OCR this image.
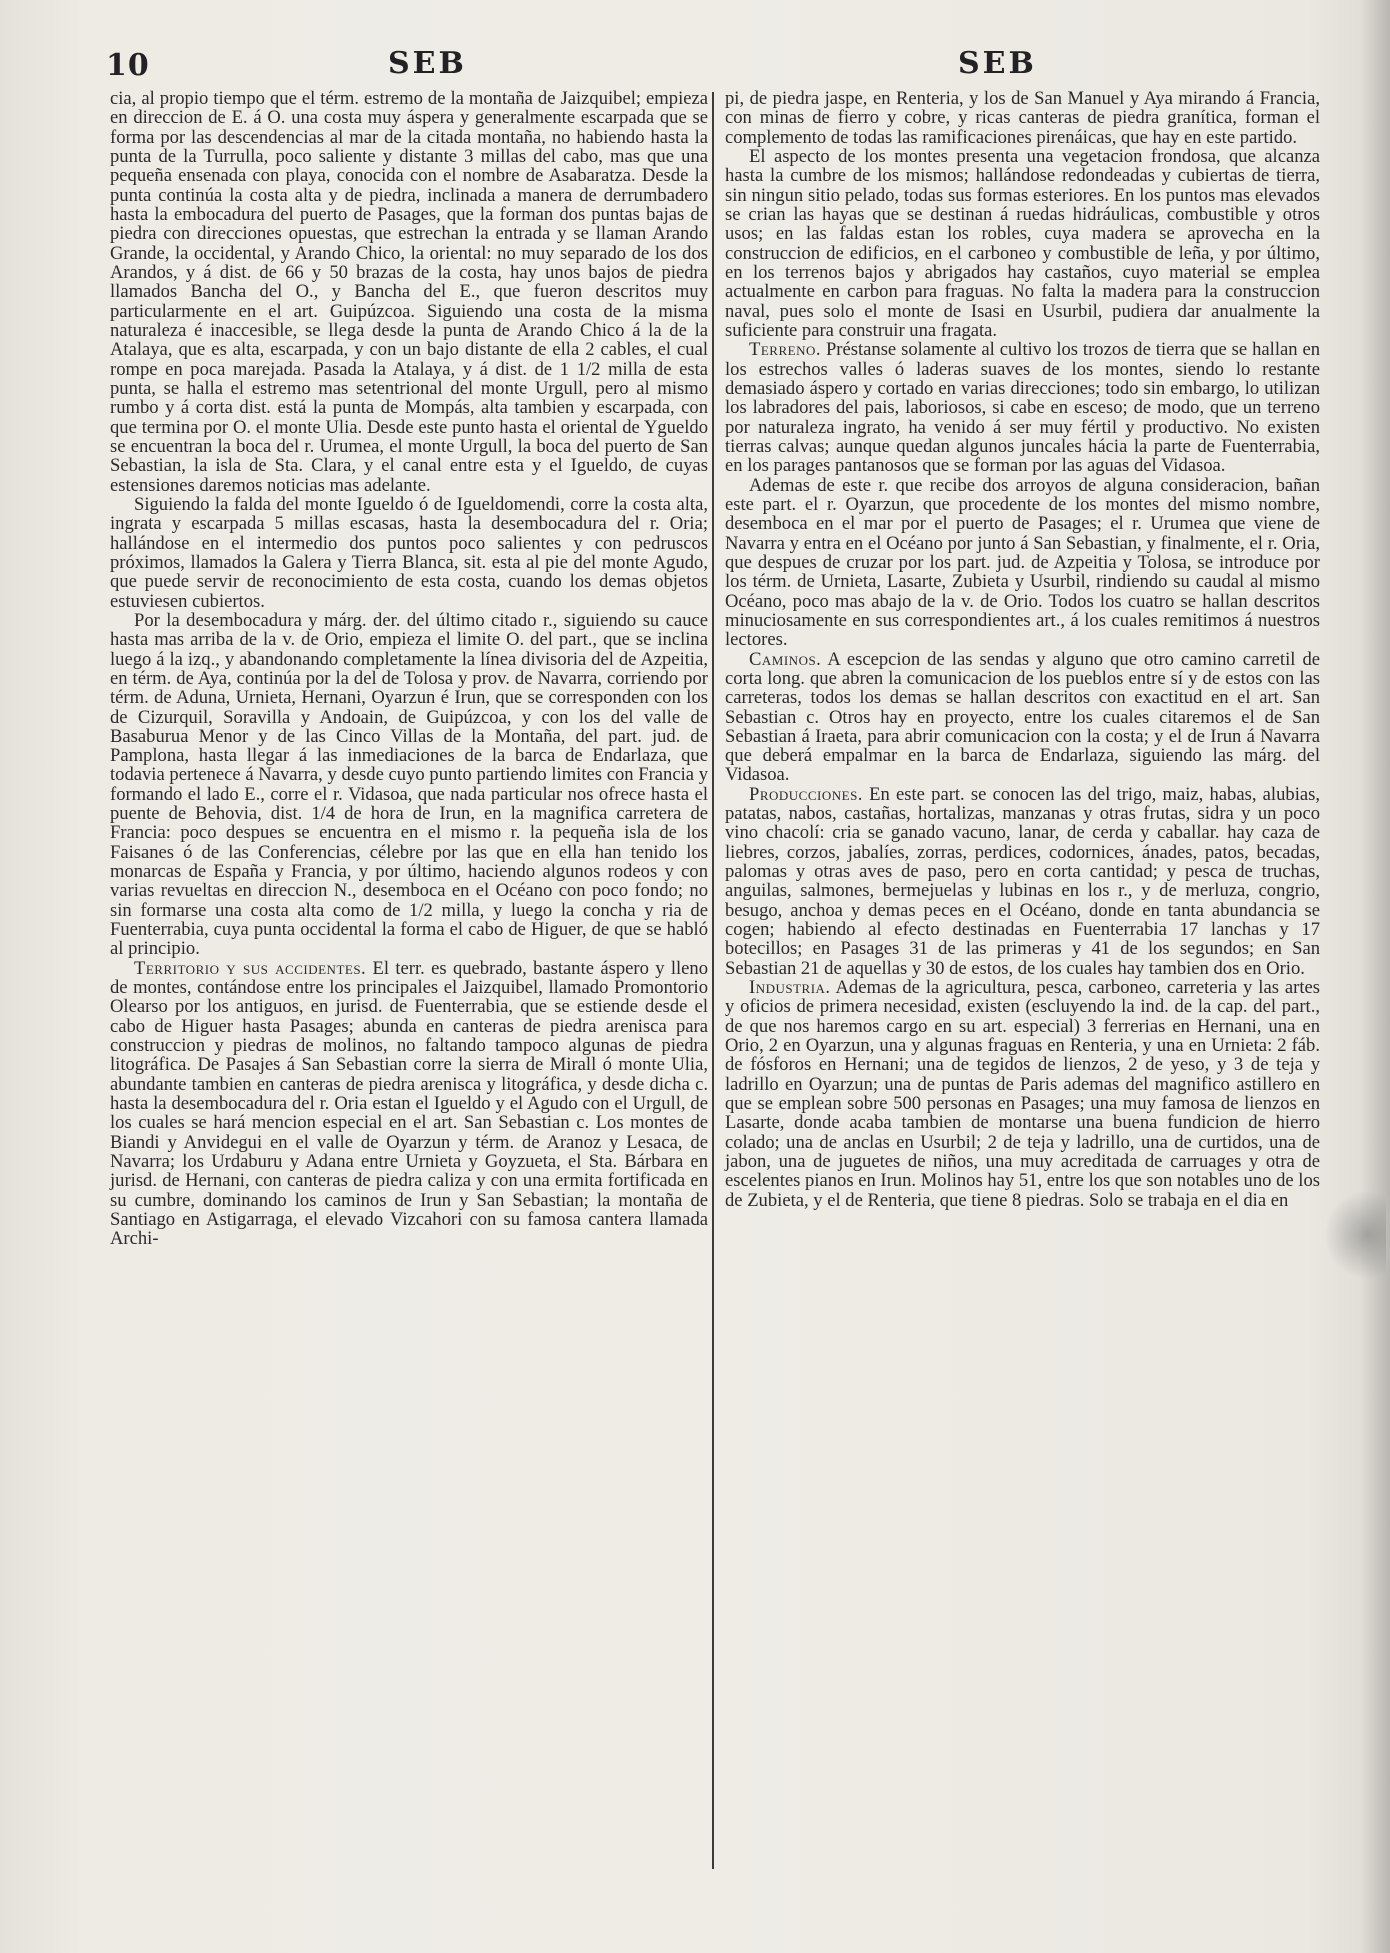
10	SEB	SEB

cia, al propio tiempo que el térm. estremo de la montaña de Jaizquibel; empieza en direccion de E. á O. una costa muy áspera y generalmente escarpada que se forma por las descendencias al mar de la citada montaña, no habiendo hasta la punta de la Turrulla, poco saliente y distante 3 millas del cabo, mas que una pequeña ensenada con playa, conocida con el nombre de Asabaratza. Desde la punta continúa la costa alta y de piedra, inclinada a manera de derrumbadero hasta la embocadura del puerto de Pasages, que la forman dos puntas bajas de piedra con direcciones opuestas, que estrechan la entrada y se llaman Arando Grande, la occidental, y Arando Chico, la oriental: no muy separado de los dos Arandos, y á dist. de 66 y 50 brazas de la costa, hay unos bajos de piedra llamados Bancha del O., y Bancha del E., que fueron descritos muy particularmente en el art. Guipúzcoa. Siguiendo una costa de la misma naturaleza é inaccesible, se llega desde la punta de Arando Chico á la de la Atalaya, que es alta, escarpada, y con un bajo distante de ella 2 cables, el cual rompe en poca marejada. Pasada la Atalaya, y á dist. de 1 1/2 milla de esta punta, se halla el estremo mas setentrional del monte Urgull, pero al mismo rumbo y á corta dist. está la punta de Mompás, alta tambien y escarpada, con que termina por O. el monte Ulia. Desde este punto hasta el oriental de Ygueldo se encuentran la boca del r. Urumea, el monte Urgull, la boca del puerto de San Sebastian, la isla de Sta. Clara, y el canal entre esta y el Igueldo, de cuyas estensiones daremos noticias mas adelante.

Siguiendo la falda del monte Igueldo ó de Igueldomendi, corre la costa alta, ingrata y escarpada 5 millas escasas, hasta la desembocadura del r. Oria; hallándose en el intermedio dos puntos poco salientes y con pedruscos próximos, llamados la Galera y Tierra Blanca, sit. esta al pie del monte Agudo, que puede servir de reconocimiento de esta costa, cuando los demas objetos estuviesen cubiertos.

Por la desembocadura y márg. der. del último citado r., siguiendo su cauce hasta mas arriba de la v. de Orio, empieza el limite O. del part., que se inclina luego á la izq., y abandonando completamente la línea divisoria del de Azpeitia, en térm. de Aya, continúa por la del de Tolosa y prov. de Navarra, corriendo por térm. de Aduna, Urnieta, Hernani, Oyarzun é Irun, que se corresponden con los de Cizurquil, Soravilla y Andoain, de Guipúzcoa, y con los del valle de Basaburua Menor y de las Cinco Villas de la Montaña, del part. jud. de Pamplona, hasta llegar á las inmediaciones de la barca de Endarlaza, que todavia pertenece á Navarra, y desde cuyo punto partiendo limites con Francia y formando el lado E., corre el r. Vidasoa, que nada particular nos ofrece hasta el puente de Behovia, dist. 1/4 de hora de Irun, en la magnifica carretera de Francia: poco despues se encuentra en el mismo r. la pequeña isla de los Faisanes ó de las Conferencias, célebre por las que en ella han tenido los monarcas de España y Francia, y por último, haciendo algunos rodeos y con varias revueltas en direccion N., desemboca en el Océano con poco fondo; no sin formarse una costa alta como de 1/2 milla, y luego la concha y ria de Fuenterrabia, cuya punta occidental la forma el cabo de Higuer, de que se habló al principio.

Territorio y sus accidentes. El terr. es quebrado, bastante áspero y lleno de montes, contándose entre los principales el Jaizquibel, llamado Promontorio Olearso por los antiguos, en jurisd. de Fuenterrabia, que se estiende desde el cabo de Higuer hasta Pasages; abunda en canteras de piedra arenisca para construccion y piedras de molinos, no faltando tampoco algunas de piedra litográfica. De Pasajes á San Sebastian corre la sierra de Mirall ó monte Ulia, abundante tambien en canteras de piedra arenisca y litográfica, y desde dicha c. hasta la desembocadura del r. Oria estan el Igueldo y el Agudo con el Urgull, de los cuales se hará mencion especial en el art. San Sebastian c. Los montes de Biandi y Anvidegui en el valle de Oyarzun y térm. de Aranoz y Lesaca, de Navarra; los Urdaburu y Adana entre Urnieta y Goyzueta, el Sta. Bárbara en jurisd. de Hernani, con canteras de piedra caliza y con una ermita fortificada en su cumbre, dominando los caminos de Irun y San Sebastian; la montaña de Santiago en Astigarraga, el elevado Vizcahori con su famosa cantera llamada Archi-

pi, de piedra jaspe, en Renteria, y los de San Manuel y Aya mirando á Francia, con minas de fierro y cobre, y ricas canteras de piedra granítica, forman el complemento de todas las ramificaciones pirenáicas, que hay en este partido.

El aspecto de los montes presenta una vegetacion frondosa, que alcanza hasta la cumbre de los mismos; hallándose redondeadas y cubiertas de tierra, sin ningun sitio pelado, todas sus formas esteriores. En los puntos mas elevados se crian las hayas que se destinan á ruedas hidráulicas, combustible y otros usos; en las faldas estan los robles, cuya madera se aprovecha en la construccion de edificios, en el carboneo y combustible de leña, y por último, en los terrenos bajos y abrigados hay castaños, cuyo material se emplea actualmente en carbon para fraguas. No falta la madera para la construccion naval, pues solo el monte de Isasi en Usurbil, pudiera dar anualmente la suficiente para construir una fragata.

Terreno. Préstanse solamente al cultivo los trozos de tierra que se hallan en los estrechos valles ó laderas suaves de los montes, siendo lo restante demasiado áspero y cortado en varias direcciones; todo sin embargo, lo utilizan los labradores del pais, laboriosos, si cabe en esceso; de modo, que un terreno por naturaleza ingrato, ha venido á ser muy fértil y productivo. No existen tierras calvas; aunque quedan algunos juncales hácia la parte de Fuenterrabia, en los parages pantanosos que se forman por las aguas del Vidasoa.

Ademas de este r. que recibe dos arroyos de alguna consideracion, bañan este part. el r. Oyarzun, que procedente de los montes del mismo nombre, desemboca en el mar por el puerto de Pasages; el r. Urumea que viene de Navarra y entra en el Océano por junto á San Sebastian, y finalmente, el r. Oria, que despues de cruzar por los part. jud. de Azpeitia y Tolosa, se introduce por los térm. de Urnieta, Lasarte, Zubieta y Usurbil, rindiendo su caudal al mismo Océano, poco mas abajo de la v. de Orio. Todos los cuatro se hallan descritos minuciosamente en sus correspondientes art., á los cuales remitimos á nuestros lectores.

Caminos. A escepcion de las sendas y alguno que otro camino carretil de corta long. que abren la comunicacion de los pueblos entre sí y de estos con las carreteras, todos los demas se hallan descritos con exactitud en el art. San Sebastian c. Otros hay en proyecto, entre los cuales citaremos el de San Sebastian á Iraeta, para abrir comunicacion con la costa; y el de Irun á Navarra que deberá empalmar en la barca de Endarlaza, siguiendo las márg. del Vidasoa.

Producciones. En este part. se conocen las del trigo, maiz, habas, alubias, patatas, nabos, castañas, hortalizas, manzanas y otras frutas, sidra y un poco vino chacolí: cria se ganado vacuno, lanar, de cerda y caballar. hay caza de liebres, corzos, jabalíes, zorras, perdices, codornices, ánades, patos, becadas, palomas y otras aves de paso, pero en corta cantidad; y pesca de truchas, anguilas, salmones, bermejuelas y lubinas en los r., y de merluza, congrio, besugo, anchoa y demas peces en el Océano, donde en tanta abundancia se cogen; habiendo al efecto destinadas en Fuenterrabia 17 lanchas y 17 botecillos; en Pasages 31 de las primeras y 41 de los segundos; en San Sebastian 21 de aquellas y 30 de estos, de los cuales hay tambien dos en Orio.

Industria. Ademas de la agricultura, pesca, carboneo, carreteria y las artes y oficios de primera necesidad, existen (escluyendo la ind. de la cap. del part., de que nos haremos cargo en su art. especial) 3 ferrerias en Hernani, una en Orio, 2 en Oyarzun, una y algunas fraguas en Renteria, y una en Urnieta: 2 fáb. de fósforos en Hernani; una de tegidos de lienzos, 2 de yeso, y 3 de teja y ladrillo en Oyarzun; una de puntas de Paris ademas del magnifico astillero en que se emplean sobre 500 personas en Pasages; una muy famosa de lienzos en Lasarte, donde acaba tambien de montarse una buena fundicion de hierro colado; una de anclas en Usurbil; 2 de teja y ladrillo, una de curtidos, una de jabon, una de juguetes de niños, una muy acreditada de carruages y otra de escelentes pianos en Irun. Molinos hay 51, entre los que son notables uno de los de Zubieta, y el de Renteria, que tiene 8 piedras. Solo se trabaja en el dia en
